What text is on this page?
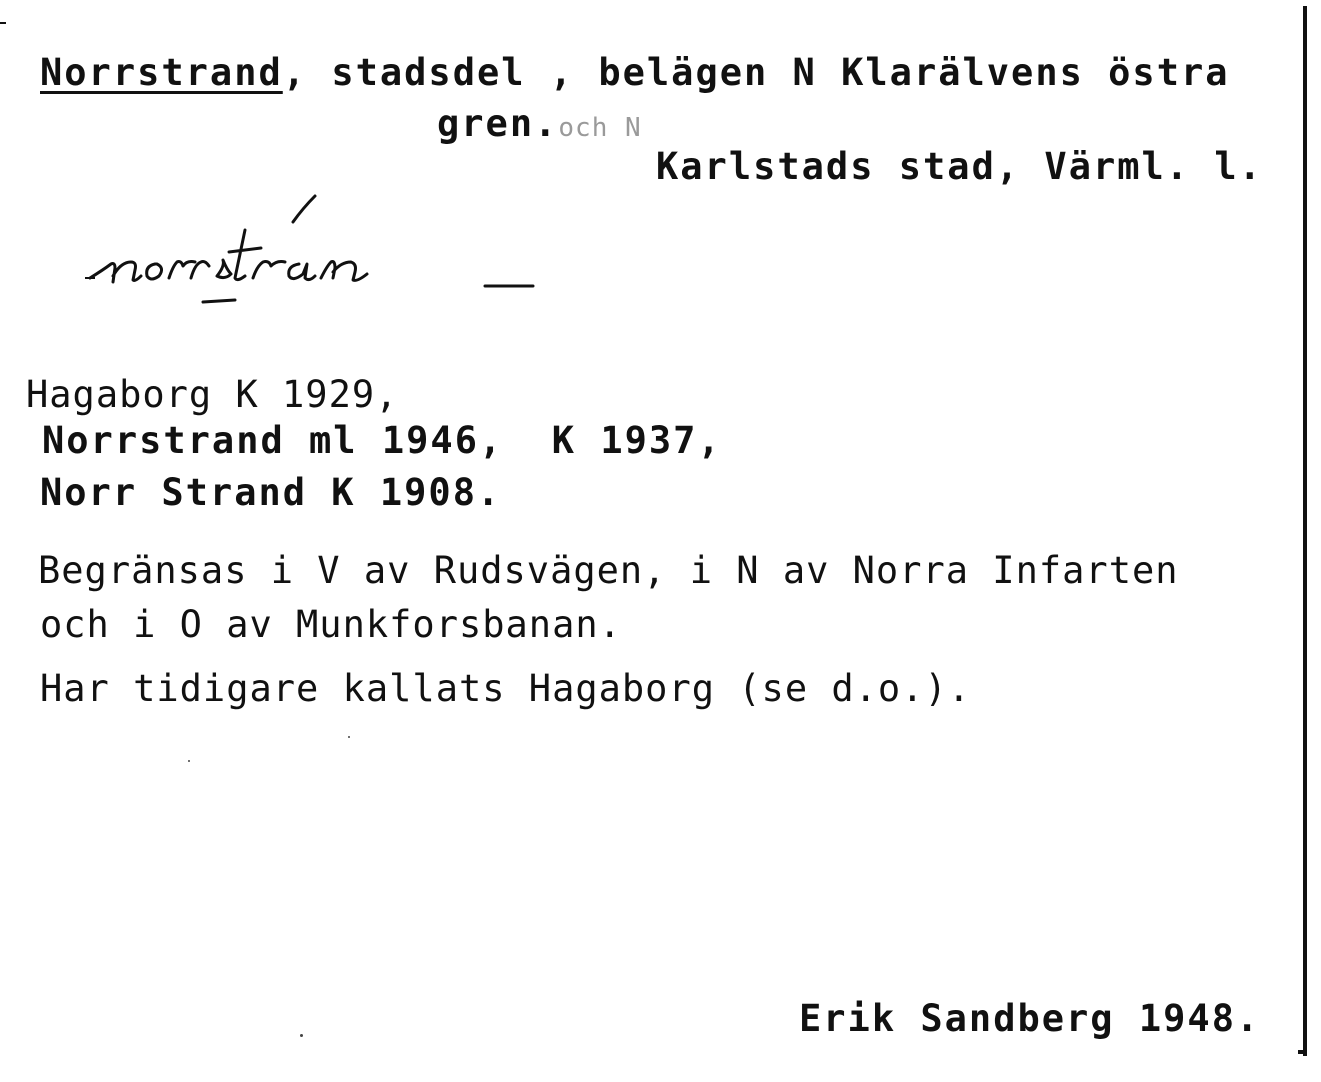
Norrstrand, stadsdel , belägen N Klarälvens östra
gren.och N
Karlstads stad, Värml. l.
Hagaborg K 1929,
Norrstrand ml 1946,  K 1937,
Norr Strand K 1908.
Begränsas i V av Rudsvägen, i N av Norra Infarten
och i O av Munkforsbanan.
Har tidigare kallats Hagaborg (se d.o.).
Erik Sandberg 1948.
